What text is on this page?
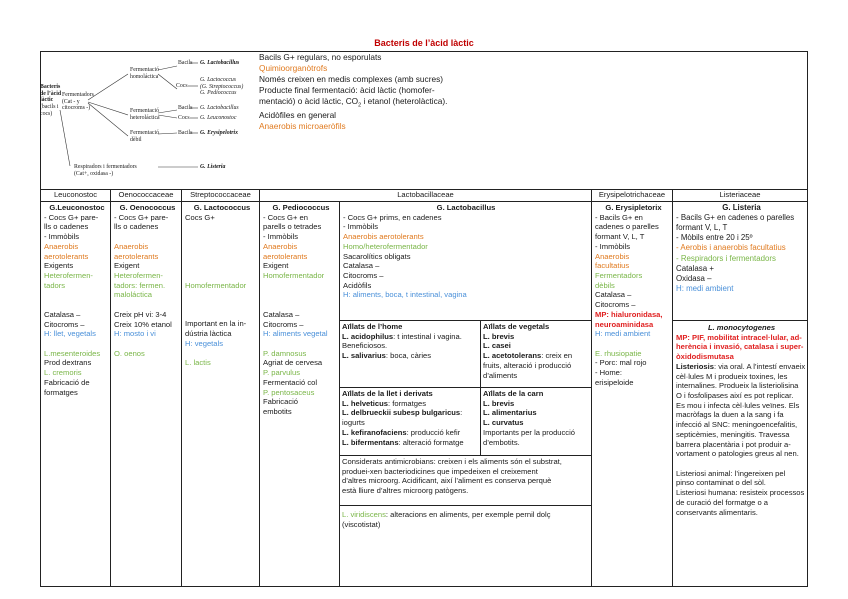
Bacteris de l’àcid làctic
Bacteris
de l’àcid
làctic
(bacils i
cocs)
Fermentadors
(Cat - y
citocroms -)
Fermentació
homoláctica
Fermentació
heteroláctica
Fermentació
dèbil
Bacils G. Lactobacillus
Cocs
G. Lactococcus
(G. Streptococcus)
G. Pediococcus
Bacils G. Lactobacillus
Cocs G. Leuconostoc
Bacils G. Erysipelotrix
Respiradors i fermentadors
(Cat+, oxidasa -)
G. Listeria
Bacils G+ regulars, no esporulats
Quimioorganòtrofs
Només creixen en medis complexes (amb sucres)
Producte final fermentació: àcid làctic (homofer-
mentació) o àcid làctic, $CO_2$ i etanol (heterolàctica).
Acidòfiles en general
Anaerobis microaeròfils
Leuconostoc	Oenococcaceae	Streptococcaceae	Lactobacillaceae	Erysipelotrichaceae	Listeriaceae
G.Leuconostoc
- Cocs G+ pare-
lls o cadenes
- Immòbils
Anaerobis
aerotolerants
Exigents
Heterofermen-
tadors
Catalasa –
Citocroms –
H: llet, vegetals
L.mesenteroides
Prod dextrans
L. cremoris
Fabricació de
formatges
G. Oenococcus
- Cocs G+ pare-
lls o cadenes
Anaerobis
aerotolerants
Exigent
Heterofermen-
tadors: fermen.
maloláctica
Creix pH vi: 3-4
Creix 10% etanol
H: mosto i vi
O. oenos
G. Lactococcus
Cocs G+
Homofermentador
Important en la in-
dústria làctica
H: vegetals
L. lactis
G. Pediococcus
- Cocs G+ en
parells o tetrades
- Immòbils
Anaerobis
aerotolerants
Exigent
Homofermentador
Catalasa –
Citocroms –
H: aliments vegetal
P. damnosus
Agriat de cervesa
P. parvulus
Fermentació col
P. pentosaceus
Fabricació
embotits
G. Lactobacillus
- Cocs G+ prims, en cadenes
- Immòbils
Anaerobis aerotolerants
Homo/heterofermentador
Sacarolítics obligats
Catalasa –
Citocroms –
Acidòfils
H: aliments, boca, t intestinal, vagina
Aïllats de l’home
L. acidophilus: t intestinal i vagina.
Beneficiosos.
L. salivarius: boca, càries
Aïllats de vegetals
L. brevis
L. casei
L. acetotolerans: creix en
fruits, alteració i producció
d’aliments
Aïllats de la llet i derivats
L. helveticus: formatges
L. delbrueckii subesp bulgaricus:
iogurts
L. kefiranofaciens: producció kefir
L. bifermentans: alteració formatge
Aïllats de la carn
L. brevis
L. alimentarius
L. curvatus
Importants per la producció
d’embotits.
Considerats antimicrobians: creixen i els aliments són el substrat,
produei-xen bacteriodicines que impedeixen el creixement
d’altres microorg. Acidificant, així l’aliment es conserva perquè
està lliure d’altres microorg patògens.
L. viridiscens: alteracions en aliments, per exemple pernil dolç
(viscotistat)
G. Erysipletorix
- Bacils G+ en
cadenes o parelles
formant V, L, T
- Immòbils
Anaerobis
facultatius
Fermentadors
dèbils
Catalasa –
Citocroms –
MP: hialuronidasa,
neuroaminidasa
H: medi ambient
E. rhusiopatie
- Porc: mal rojo
- Home:
erisipeloide
G. Listeria
- Bacils G+ en cadenes o parelles
formant V, L, T
- Mòbils entre 20 i 25º
- Aerobis i anaerobis facultatius
- Respiradors i fermentadors
Catalasa +
Oxidasa –
H: medi ambient
L. monocytogenes
MP: PIF, mobilitat intracel·lular, ad-
herència i invasió, catalasa i super-
òxidodismutasa
Listeriosis: via oral. A l’intestí envaeix
cèl·lules M i produeix toxines, les
internalines. Produeix la listeriolisina
O i fosfolipases així es pot replicar.
Es mou i infecta cèl·lules veïnes. Els
macròfags la duen a la sang i fa
infecció al SNC: meningoencefalitis,
septicèmies, meningitis. Travessa
barrera placentària i pot produir a-
vortament o patologies greus al nen.
Listeriosi animal: l’ingereixen pel
pinso contaminat o del sòl.
Listeriosi humana: resisteix processos
de curació del formatge o a
conservants alimentaris.
